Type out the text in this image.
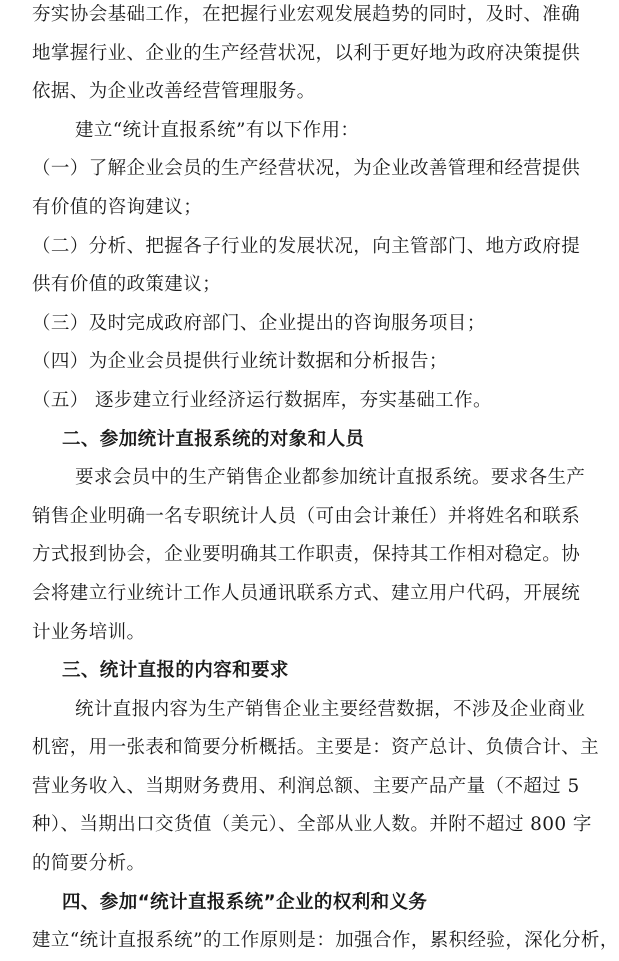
夯实协会基础工作，在把握行业宏观发展趋势的同时，及时、准确
地掌握行业、企业的生产经营状况，以利于更好地为政府决策提供
依据、为企业改善经营管理服务。
建立“统计直报系统”有以下作用：
（一）了解企业会员的生产经营状况，为企业改善管理和经营提供
有价值的咨询建议；
（二）分析、把握各子行业的发展状况，向主管部门、地方政府提
供有价值的政策建议；
（三）及时完成政府部门、企业提出的咨询服务项目；
（四）为企业会员提供行业统计数据和分析报告；
（五） 逐步建立行业经济运行数据库，夯实基础工作。
二、参加统计直报系统的对象和人员
要求会员中的生产销售企业都参加统计直报系统。要求各生产
销售企业明确一名专职统计人员（可由会计兼任）并将姓名和联系
方式报到协会，企业要明确其工作职责，保持其工作相对稳定。协
会将建立行业统计工作人员通讯联系方式、建立用户代码，开展统
计业务培训。
三、统计直报的内容和要求
统计直报内容为生产销售企业主要经营数据，不涉及企业商业
机密，用一张表和简要分析概括。主要是：资产总计、负债合计、主
营业务收入、当期财务费用、利润总额、主要产品产量（不超过 5
种）、当期出口交货值（美元）、全部从业人数。并附不超过 800 字
的简要分析。
四、参加“统计直报系统”企业的权利和义务
建立“统计直报系统”的工作原则是：加强合作，累积经验，深化分析，
